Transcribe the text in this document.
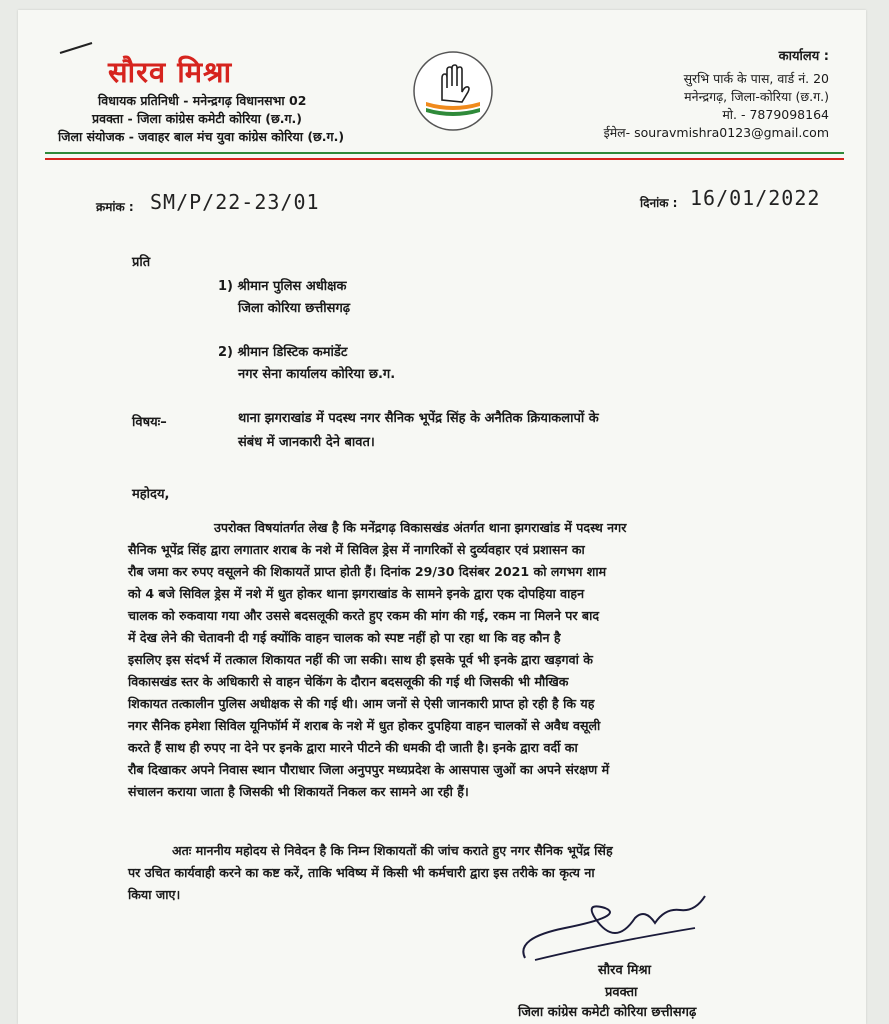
सौरव मिश्रा
विधायक प्रतिनिधी - मनेन्द्रगढ़ विधानसभा 02
प्रवक्ता - जिला कांग्रेस कमेटी कोरिया (छ.ग.)
जिला संयोजक - जवाहर बाल मंच युवा कांग्रेस कोरिया (छ.ग.)
कार्यालय :
सुरभि पार्क के पास, वार्ड नं. 20
मनेन्द्रगढ़, जिला-कोरिया (छ.ग.)
मो. - 7879098164
ईमेल- souravmishra0123@gmail.com
क्रमांक : SM/P/22-23/01	दिनांक : 16/01/2022
प्रति
1) श्रीमान पुलिस अधीक्षक
जिला कोरिया छत्तीसगढ़
2) श्रीमान डिस्टिक कमांडेंट
नगर सेना कार्यालय कोरिया छ.ग.
विषयः–	थाना झगराखांड में पदस्थ नगर सैनिक भूपेंद्र सिंह के अनैतिक क्रियाकलापों के
संबंध में जानकारी देने बावत।
महोदय,
उपरोक्त विषयांतर्गत लेख है कि मनेंद्रगढ़ विकासखंड अंतर्गत थाना झगराखांड में पदस्थ नगर
सैनिक भूपेंद्र सिंह द्वारा लगातार शराब के नशे में सिविल ड्रेस में नागरिकों से दुर्व्यवहार एवं प्रशासन का
रौब जमा कर रुपए वसूलने की शिकायतें प्राप्त होती हैं। दिनांक 29/30 दिसंबर 2021 को लगभग शाम
को 4 बजे सिविल ड्रेस में नशे में धुत होकर थाना झगराखांड के सामने इनके द्वारा एक दोपहिया वाहन
चालक को रुकवाया गया और उससे बदसलूकी करते हुए रकम की मांग की गई, रकम ना मिलने पर बाद
में देख लेने की चेतावनी दी गई क्योंकि वाहन चालक को स्पष्ट नहीं हो पा रहा था कि वह कौन है
इसलिए इस संदर्भ में तत्काल शिकायत नहीं की जा सकी। साथ ही इसके पूर्व भी इनके द्वारा खड़गवां के
विकासखंड स्तर के अधिकारी से वाहन चेकिंग के दौरान बदसलूकी की गई थी जिसकी भी मौखिक
शिकायत तत्कालीन पुलिस अधीक्षक से की गई थी। आम जनों से ऐसी जानकारी प्राप्त हो रही है कि यह
नगर सैनिक हमेशा सिविल यूनिफॉर्म में शराब के नशे में धुत होकर दुपहिया वाहन चालकों से अवैध वसूली
करते हैं साथ ही रुपए ना देने पर इनके द्वारा मारने पीटने की धमकी दी जाती है। इनके द्वारा वर्दी का
रौब दिखाकर अपने निवास स्थान पौराधार जिला अनुपपुर मध्यप्रदेश के आसपास जुओं का अपने संरक्षण में
संचालन कराया जाता है जिसकी भी शिकायतें निकल कर सामने आ रही हैं।
अतः माननीय महोदय से निवेदन है कि निम्न शिकायतों की जांच कराते हुए नगर सैनिक भूपेंद्र सिंह
पर उचित कार्यवाही करने का कष्ट करें, ताकि भविष्य में किसी भी कर्मचारी द्वारा इस तरीके का कृत्य ना
किया जाए।
सौरव मिश्रा
प्रवक्ता
जिला कांग्रेस कमेटी कोरिया छत्तीसगढ़
